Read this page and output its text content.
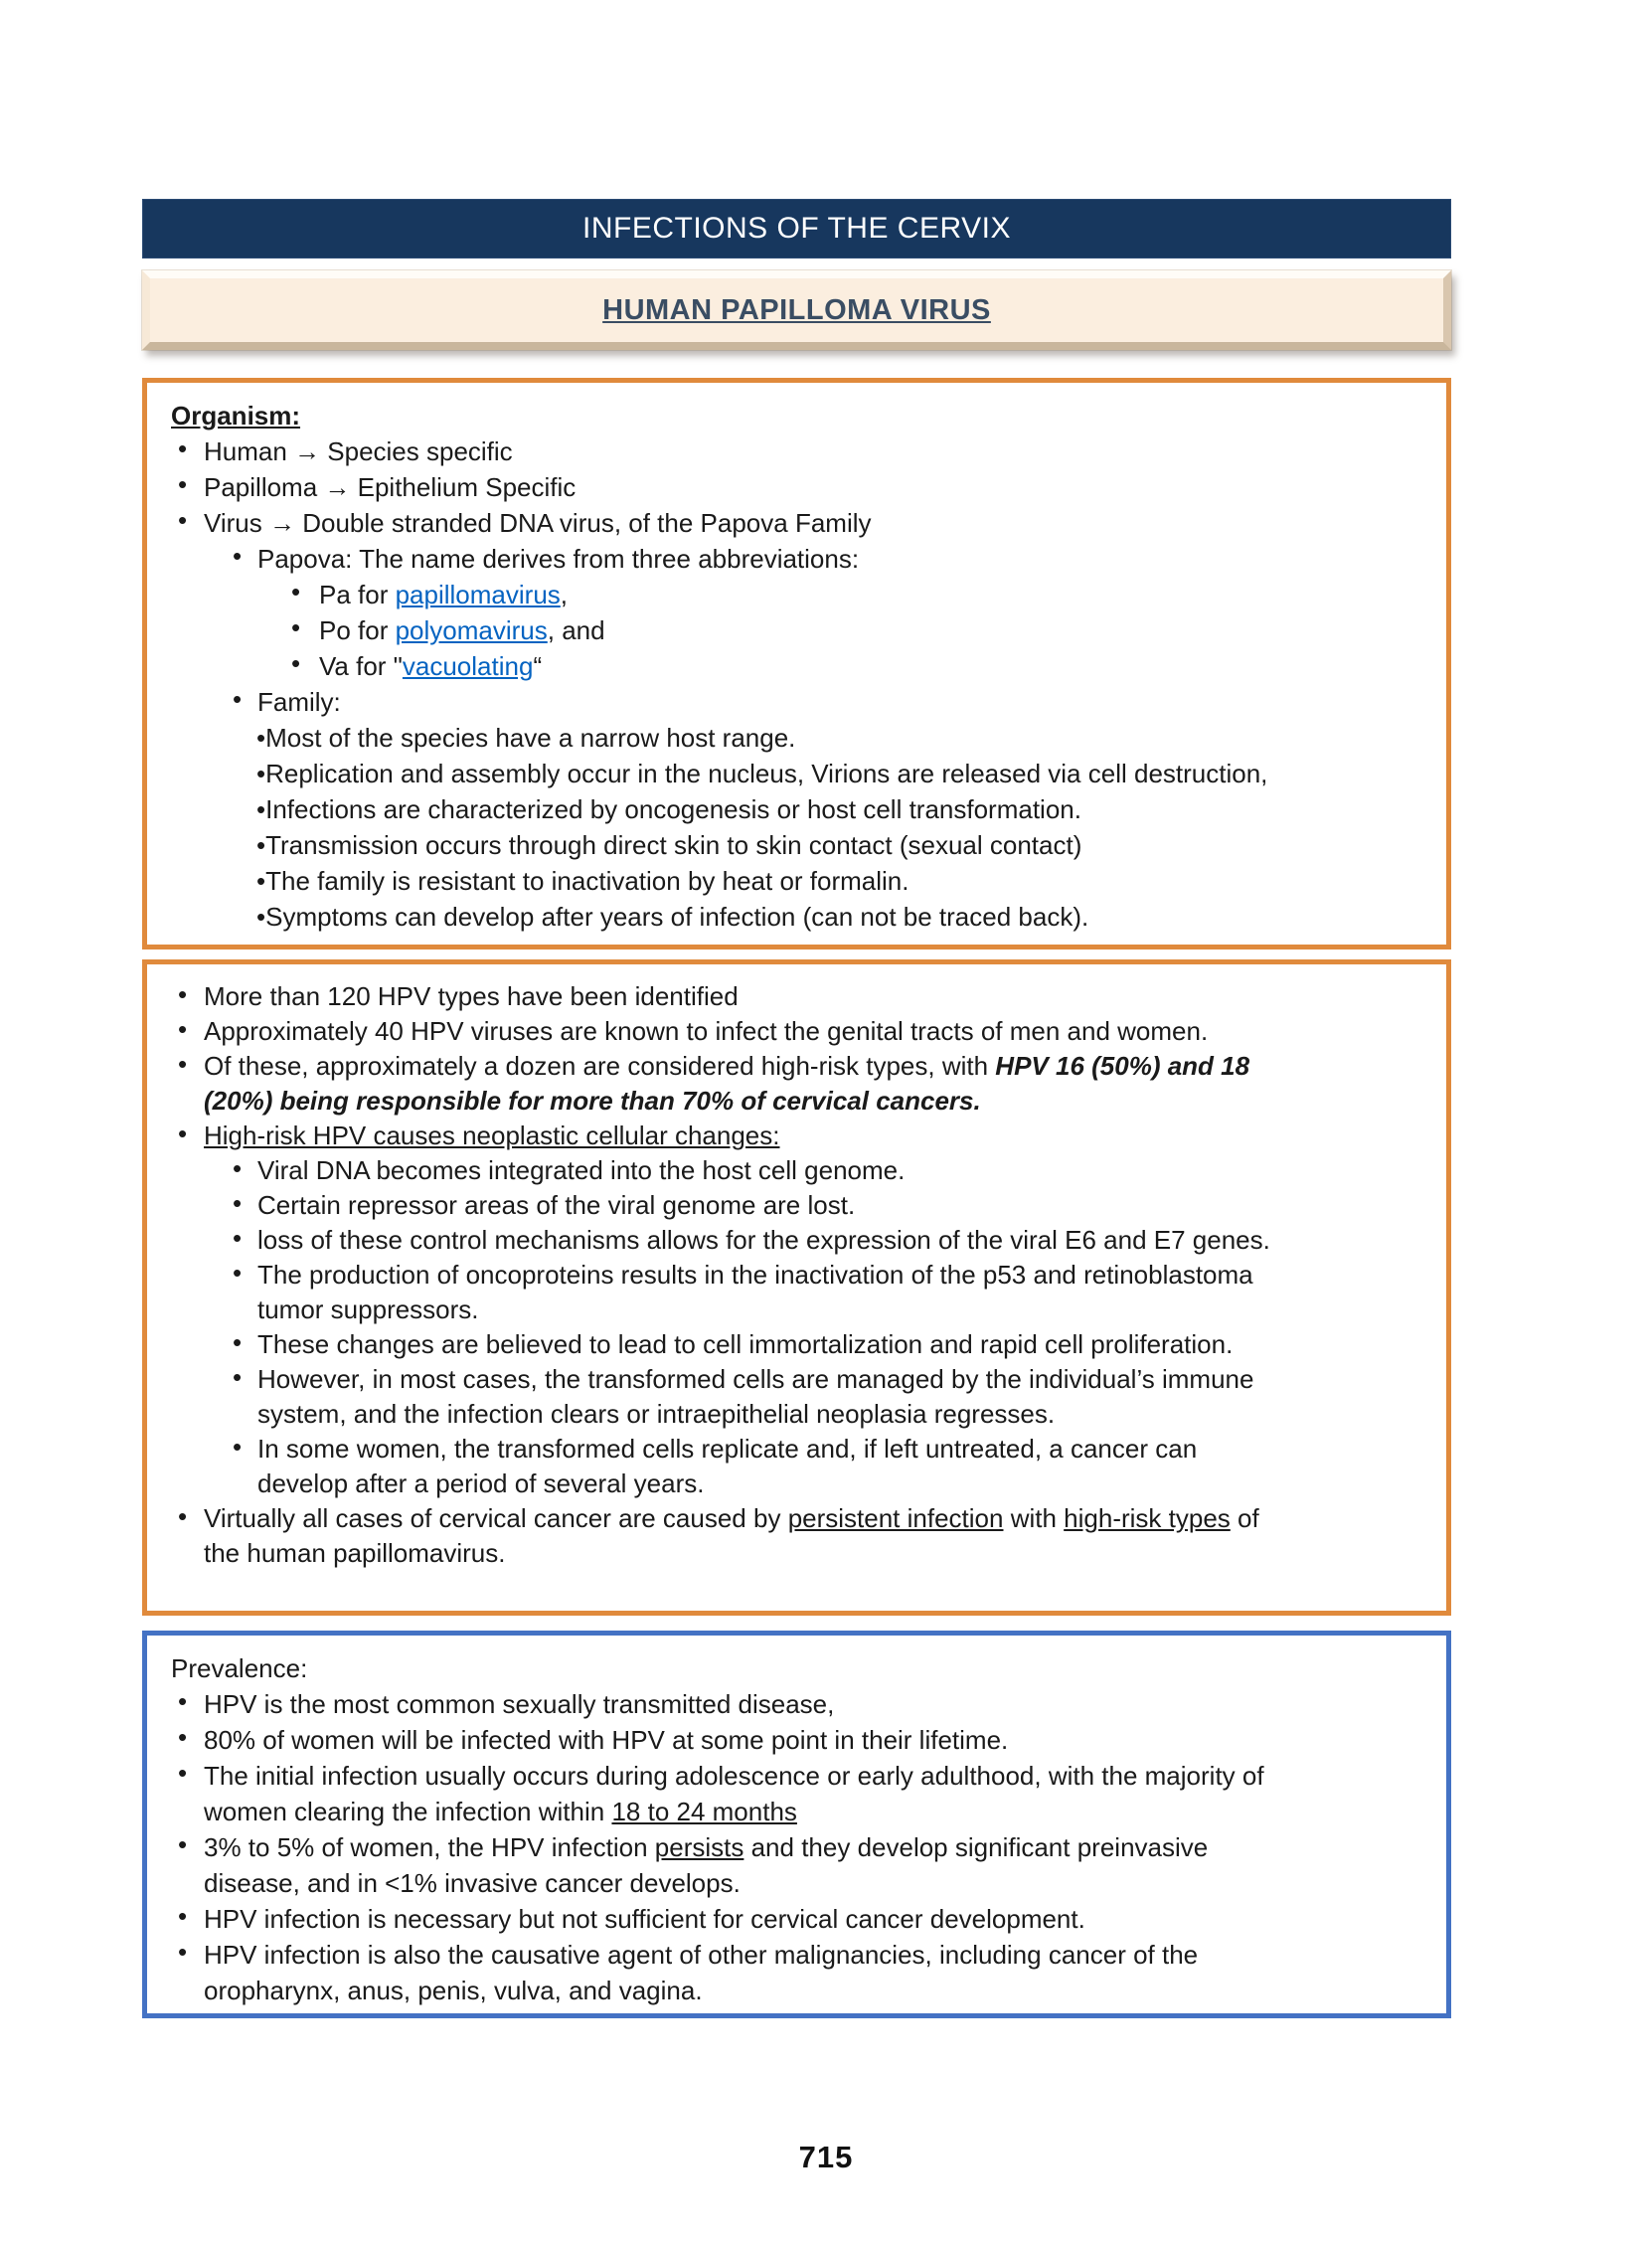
INFECTIONS OF THE CERVIX
HUMAN PAPILLOMA VIRUS
Organism:
• Human → Species specific
• Papilloma → Epithelium Specific
• Virus → Double stranded DNA virus, of the Papova Family
• Papova: The name derives from three abbreviations:
• Pa for papillomavirus,
• Po for polyomavirus, and
• Va for "vacuolating“
• Family:
•Most of the species have a narrow host range.
•Replication and assembly occur in the nucleus, Virions are released via cell destruction,
•Infections are characterized by oncogenesis or host cell transformation.
•Transmission occurs through direct skin to skin contact (sexual contact)
•The family is resistant to inactivation by heat or formalin.
•Symptoms can develop after years of infection (can not be traced back).
• More than 120 HPV types have been identified
• Approximately 40 HPV viruses are known to infect the genital tracts of men and women.
• Of these, approximately a dozen are considered high-risk types, with HPV 16 (50%) and 18
(20%) being responsible for more than 70% of cervical cancers.
• High-risk HPV causes neoplastic cellular changes:
• Viral DNA becomes integrated into the host cell genome.
• Certain repressor areas of the viral genome are lost.
• loss of these control mechanisms allows for the expression of the viral E6 and E7 genes.
• The production of oncoproteins results in the inactivation of the p53 and retinoblastoma
tumor suppressors.
• These changes are believed to lead to cell immortalization and rapid cell proliferation.
• However, in most cases, the transformed cells are managed by the individual’s immune
system, and the infection clears or intraepithelial neoplasia regresses.
• In some women, the transformed cells replicate and, if left untreated, a cancer can
develop after a period of several years.
• Virtually all cases of cervical cancer are caused by persistent infection with high-risk types of
the human papillomavirus.
Prevalence:
• HPV is the most common sexually transmitted disease,
• 80% of women will be infected with HPV at some point in their lifetime.
• The initial infection usually occurs during adolescence or early adulthood, with the majority of
women clearing the infection within 18 to 24 months
• 3% to 5% of women, the HPV infection persists and they develop significant preinvasive
disease, and in <1% invasive cancer develops.
• HPV infection is necessary but not sufficient for cervical cancer development.
• HPV infection is also the causative agent of other malignancies, including cancer of the
oropharynx, anus, penis, vulva, and vagina.
715
